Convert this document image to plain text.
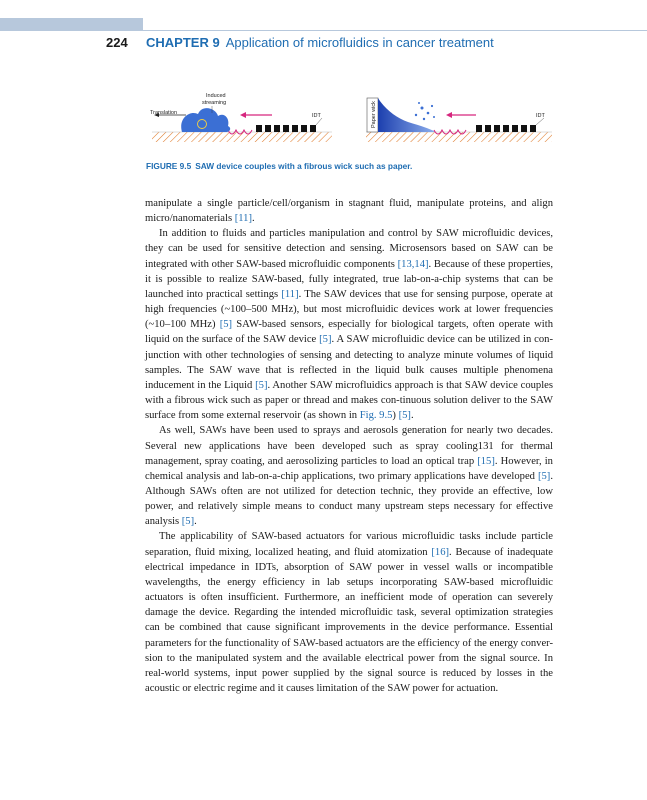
224 CHAPTER 9 Application of microfluidics in cancer treatment
Translation
Induced
streaming
IDT	Paper wick	IDT
FIGURE 9.5 SAW device couples with a fibrous wick such as paper.

manipulate a single particle/cell/organism in stagnant fluid, manipulate proteins, and align micro/nanomaterials [11].

In addition to fluids and particles manipulation and control by SAW microfluidic devices, they can be used for sensitive detection and sensing. Microsensors based on SAW can be integrated with other SAW-based microfluidic components [13,14]. Because of these properties, it is possible to realize SAW-based, fully integrated, true lab-on-a-chip systems that can be launched into practical settings [11]. The SAW devices that use for sensing purpose, operate at high frequencies (~100–500 MHz), but most microfluidic devices work at lower frequencies (~10–100 MHz) [5] SAW-based sensors, especially for biological targets, often operate with liquid on the surface of the SAW device [5]. A SAW microfluidic device can be utilized in con-junction with other technologies of sensing and detecting to analyze minute volumes of liquid samples. The SAW wave that is reflected in the liquid bulk causes multiple phenomena inducement in the Liquid [5]. Another SAW microfluidics approach is that SAW device couples with a fibrous wick such as paper or thread and makes con-tinuous solution deliver to the SAW surface from some external reservoir (as shown in Fig. 9.5) [5].

As well, SAWs have been used to sprays and aerosols generation for nearly two decades. Several new applications have been developed such as spray cooling131 for thermal management, spray coating, and aerosolizing particles to load an optical trap [15]. However, in chemical analysis and lab-on-a-chip applications, two primary applications have developed [5]. Although SAWs often are not utilized for detection technic, they provide an effective, low power, and relatively simple means to conduct many upstream steps necessary for effective analysis [5].

The applicability of SAW-based actuators for various microfluidic tasks include particle separation, fluid mixing, localized heating, and fluid atomization [16]. Because of inadequate electrical impedance in IDTs, absorption of SAW power in vessel walls or incompatible wavelengths, the energy efficiency in lab setups incorporating SAW-based microfluidic actuators is often insufficient. Furthermore, an inefficient mode of operation can severely damage the device. Regarding the intended microfluidic task, several optimization strategies can be combined that cause significant improvements in the device performance. Essential parameters for the functionality of SAW-based actuators are the efficiency of the energy conver-sion to the manipulated system and the available electrical power from the signal source. In real-world systems, input power supplied by the signal source is reduced by losses in the acoustic or electric regime and it causes limitation of the SAW power for actuation.
